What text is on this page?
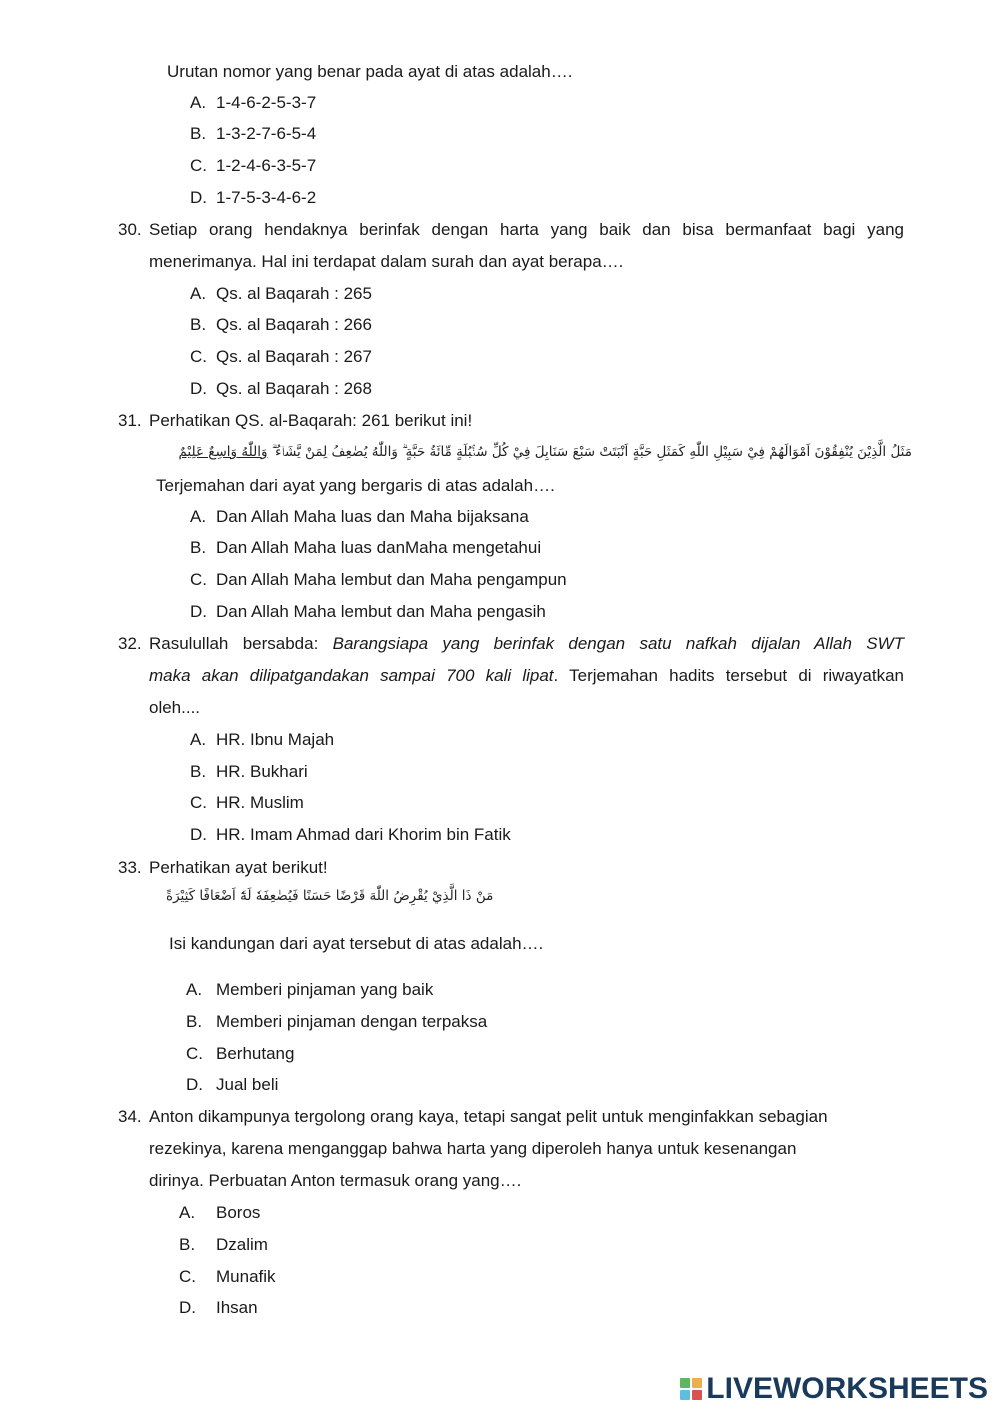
Urutan nomor yang benar pada ayat di atas adalah….
A. 1-4-6-2-5-3-7
B. 1-3-2-7-6-5-4
C. 1-2-4-6-3-5-7
D. 1-7-5-3-4-6-2
30. Setiap orang hendaknya berinfak dengan harta yang baik dan bisa bermanfaat bagi yang
menerimanya. Hal ini terdapat dalam surah dan ayat berapa….
A. Qs. al Baqarah : 265
B. Qs. al Baqarah : 266
C. Qs. al Baqarah : 267
D. Qs. al Baqarah : 268
31. Perhatikan QS. al-Baqarah: 261 berikut ini!
مَثَلُ الَّذِيْنَ يُنْفِقُوْنَ اَمْوَالَهُمْ فِيْ سَبِيْلِ اللّٰهِ كَمَثَلِ حَبَّةٍ اَنْبَتَتْ سَبْعَ سَنَابِلَ فِيْ كُلِّ سُنْۢبُلَةٍ مِّائَةُ حَبَّةٍ ۗ وَاللّٰهُ يُضٰعِفُ لِمَنْ يَّشَاۤءُ ۗ وَاللّٰهُ وَاسِعٌ عَلِيْمٌ
Terjemahan dari ayat yang bergaris di atas adalah….
A. Dan Allah Maha luas dan Maha bijaksana
B. Dan Allah Maha luas danMaha mengetahui
C. Dan Allah Maha lembut dan Maha pengampun
D. Dan Allah Maha lembut dan Maha pengasih
32. Rasulullah bersabda: Barangsiapa yang berinfak dengan satu nafkah dijalan Allah SWT
maka akan dilipatgandakan sampai 700 kali lipat. Terjemahan hadits tersebut di riwayatkan
oleh....
A. HR. Ibnu Majah
B. HR. Bukhari
C. HR. Muslim
D. HR. Imam Ahmad dari Khorim bin Fatik
33. Perhatikan ayat berikut!
مَنْ ذَا الَّذِيْ يُقْرِضُ اللّٰهَ قَرْضًا حَسَنًا فَيُضٰعِفَهٗ لَهٗٓ اَضْعَافًا كَثِيْرَةً
Isi kandungan dari ayat tersebut di atas adalah….
A. Memberi pinjaman yang baik
B. Memberi pinjaman dengan terpaksa
C. Berhutang
D. Jual beli
34. Anton dikampunya tergolong orang kaya, tetapi sangat pelit untuk menginfakkan sebagian
rezekinya, karena menganggap bahwa harta yang diperoleh hanya untuk kesenangan
dirinya. Perbuatan Anton termasuk orang yang….
A. Boros
B. Dzalim
C. Munafik
D. Ihsan
LIVEWORKSHEETS
